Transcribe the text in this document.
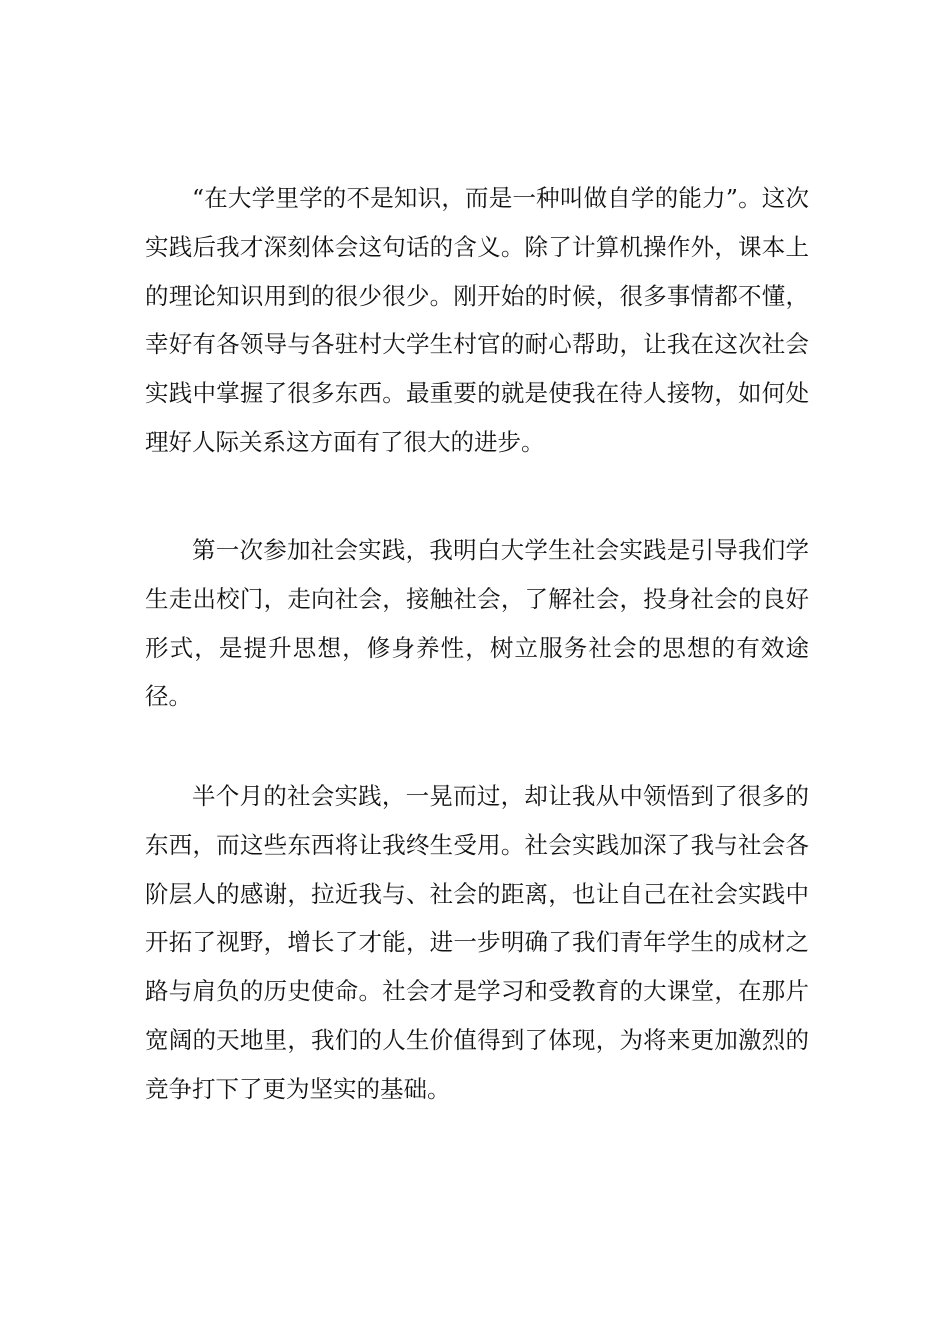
“在大学里学的不是知识，而是一种叫做自学的能力”。这次实践后我才深刻体会这句话的含义。除了计算机操作外，课本上的理论知识用到的很少很少。刚开始的时候，很多事情都不懂，幸好有各领导与各驻村大学生村官的耐心帮助，让我在这次社会实践中掌握了很多东西。最重要的就是使我在待人接物，如何处理好人际关系这方面有了很大的进步。

第一次参加社会实践，我明白大学生社会实践是引导我们学生走出校门，走向社会，接触社会，了解社会，投身社会的良好形式，是提升思想，修身养性，树立服务社会的思想的有效途径。

半个月的社会实践，一晃而过，却让我从中领悟到了很多的东西，而这些东西将让我终生受用。社会实践加深了我与社会各阶层人的感谢，拉近我与、社会的距离，也让自己在社会实践中开拓了视野，增长了才能，进一步明确了我们青年学生的成材之路与肩负的历史使命。社会才是学习和受教育的大课堂，在那片宽阔的天地里，我们的人生价值得到了体现，为将来更加激烈的竞争打下了更为坚实的基础。
